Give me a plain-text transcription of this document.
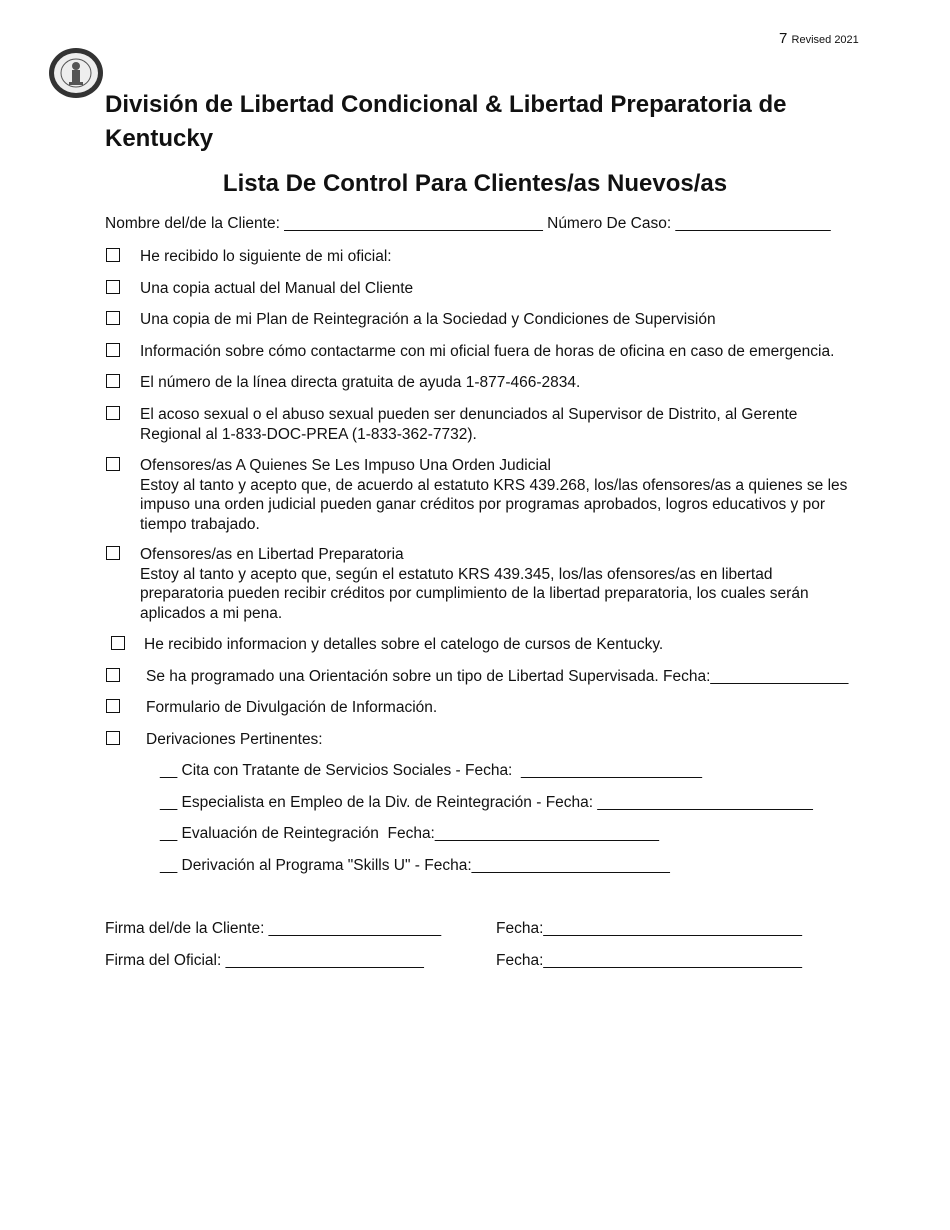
7 Revised 2021
División de Libertad Condicional & Libertad Preparatoria de Kentucky
Lista De Control Para Clientes/as Nuevos/as
Nombre del/de la Cliente: ______________________________ Número De Caso: __________________
He recibido lo siguiente de mi oficial:
Una copia actual del Manual del Cliente
Una copia de mi Plan de Reintegración a la Sociedad y Condiciones de Supervisión
Información sobre cómo contactarme con mi oficial fuera de horas de oficina en caso de emergencia.
El número de la línea directa gratuita de ayuda 1-877-466-2834.
El acoso sexual o el abuso sexual pueden ser denunciados al Supervisor de Distrito, al Gerente Regional al 1-833-DOC-PREA (1-833-362-7732).
Ofensores/as A Quienes Se Les Impuso Una Orden Judicial
Estoy al tanto y acepto que, de acuerdo al estatuto KRS 439.268, los/las ofensores/as a quienes se les impuso una orden judicial pueden ganar créditos por programas aprobados, logros educativos y por tiempo trabajado.
Ofensores/as en Libertad Preparatoria
Estoy al tanto y acepto que, según el estatuto KRS 439.345, los/las ofensores/as en libertad preparatoria pueden recibir créditos por cumplimiento de la libertad preparatoria, los cuales serán aplicados a mi pena.
He recibido informacion y detalles sobre el catelogo de cursos de Kentucky.
Se ha programado una Orientación sobre un tipo de Libertad Supervisada. Fecha:________________
Formulario de Divulgación de Información.
Derivaciones Pertinentes:
__ Cita con Tratante de Servicios Sociales - Fecha:  _____________________
__ Especialista en Empleo de la Div. de Reintegración - Fecha: _________________________
__ Evaluación de Reintegración  Fecha:__________________________
__ Derivación al Programa "Skills U" - Fecha:_______________________
Firma del/de la Cliente: ____________________	Fecha:______________________________
Firma del Oficial: _______________________	Fecha:______________________________
